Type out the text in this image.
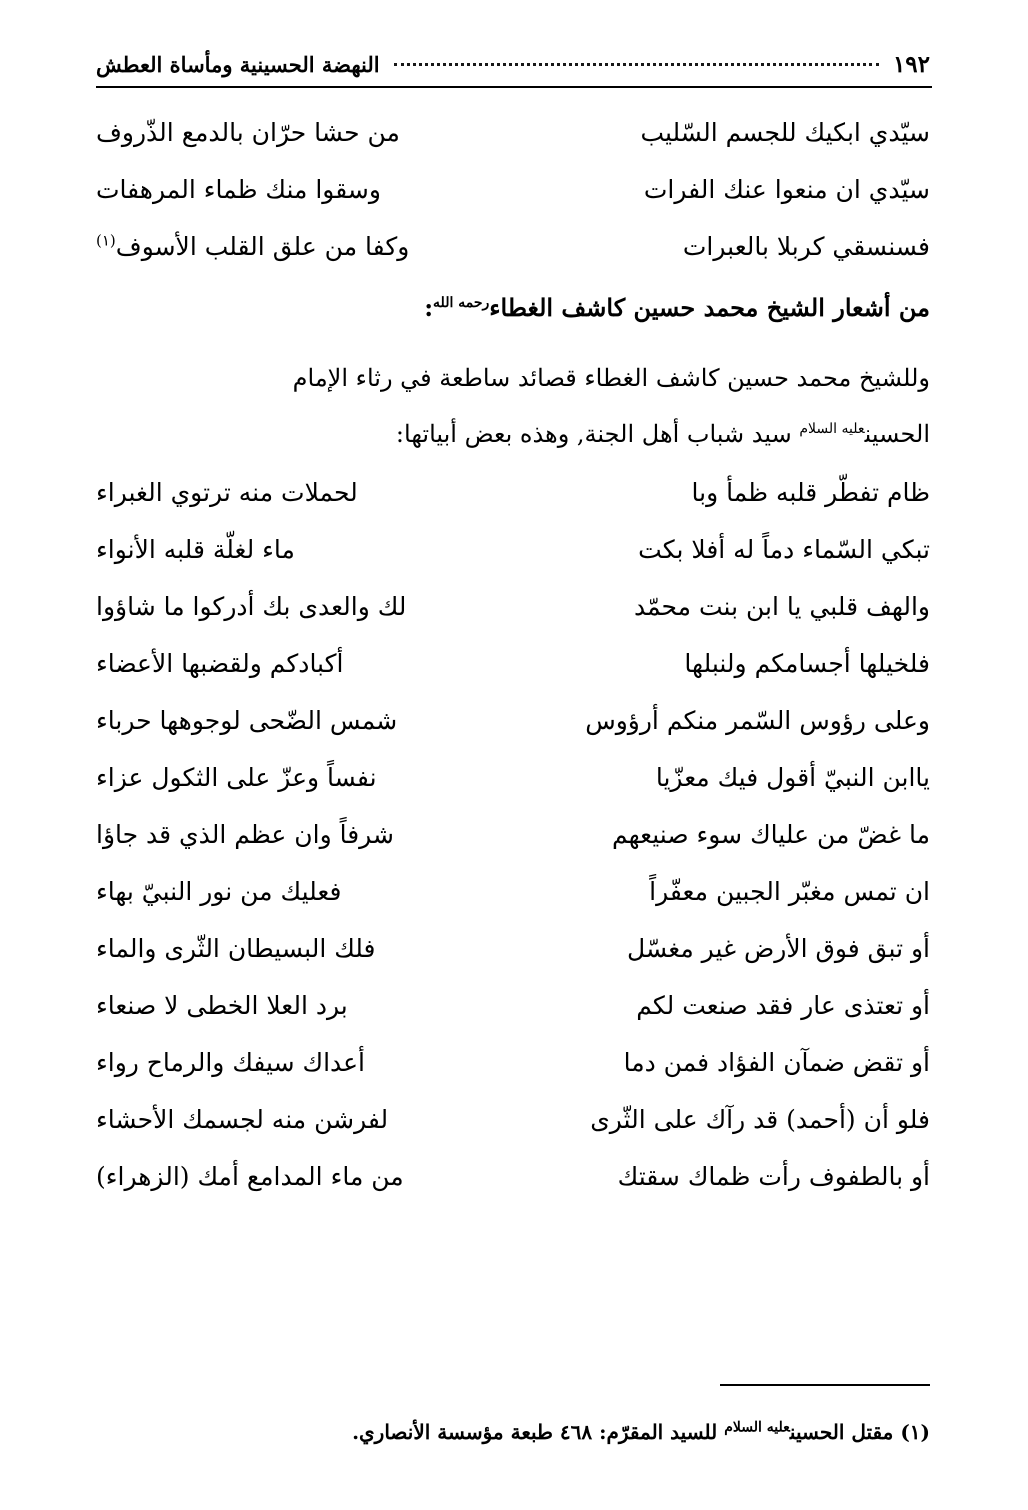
١٩٢
النهضة الحسينية ومأساة العطش
سيّدي ابكيك للجسم السّليب
من حشا حرّان بالدمع الذّروف
سيّدي ان منعوا عنك الفرات
وسقوا منك ظماء المرهفات
فسنسقي كربلا بالعبرات
وكفا من علق القلب الأسوف$^{(١)}$
من أشعار الشيخ محمد حسين كاشف الغطاء$^{رحمه الله}$:
وللشيخ محمد حسين كاشف الغطاء قصائد ساطعة في رثاء الإمام
الحسين$^{عليه السلام}$ سيد شباب أهل الجنة, وهذه بعض أبياتها:
ظام تفطّر قلبه ظمأ وبا
لحملات منه ترتوي الغبراء
تبكي السّماء دماً له أفلا بكت
ماء لغلّة قلبه الأنواء
والهف قلبي يا ابن بنت محمّد
لك والعدى بك أدركوا ما شاؤوا
فلخيلها أجسامكم ولنبلها
أكبادكم ولقضبها الأعضاء
وعلى رؤوس السّمر منكم أرؤوس
شمس الضّحى لوجوهها حرباء
ياابن النبيّ أقول فيك معزّيا
نفساً وعزّ على الثكول عزاء
ما غضّ من علياك سوء صنيعهم
شرفاً وان عظم الذي قد جاؤا
ان تمس مغبّر الجبين معفّراً
فعليك من نور النبيّ بهاء
أو تبق فوق الأرض غير مغسّل
فلك البسيطان الثّرى والماء
أو تعتذى عار فقد صنعت لكم
برد العلا الخطى لا صنعاء
أو تقض ضمآن الفؤاد فمن دما
أعداك سيفك والرماح رواء
فلو أن (أحمد) قد رآك على الثّرى
لفرشن منه لجسمك الأحشاء
أو بالطفوف رأت ظماك سقتك
من ماء المدامع أمك (الزهراء)
(١) مقتل الحسين$^{عليه السلام}$ للسيد المقرّم: ٤٦٨ طبعة مؤسسة الأنصاري.
